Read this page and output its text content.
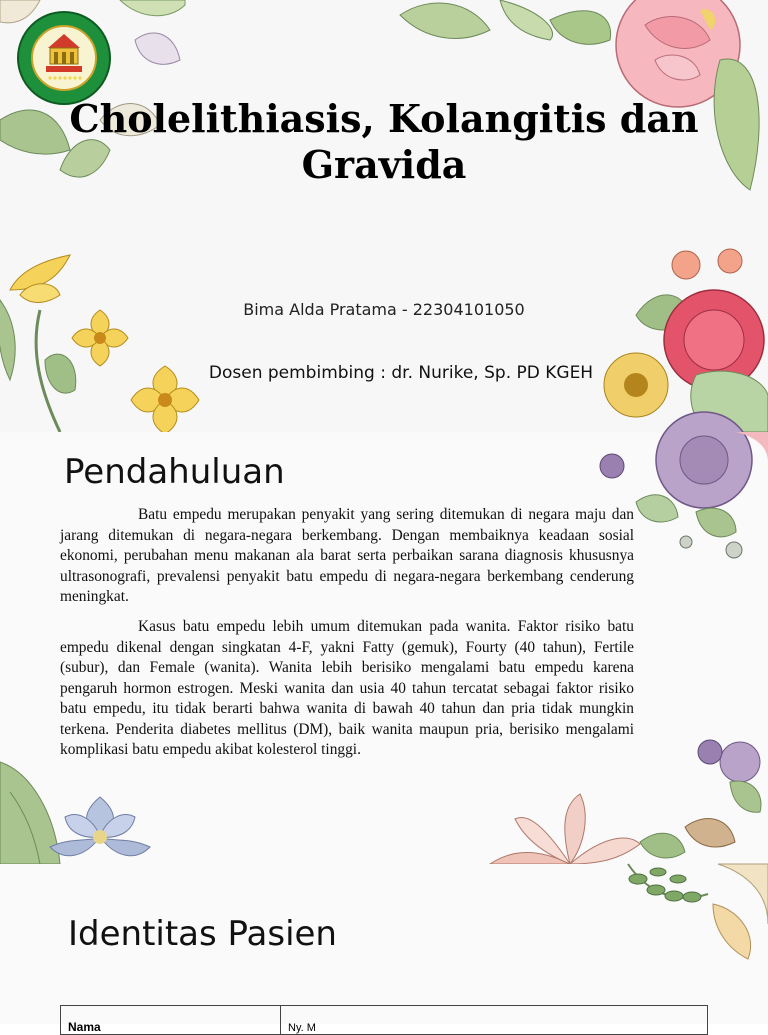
Cholelithiasis, Kolangitis dan Gravida
Bima Alda Pratama - 22304101050
Dosen pembimbing : dr. Nurike, Sp. PD KGEH
Pendahuluan

Batu empedu merupakan penyakit yang sering ditemukan di negara maju dan jarang ditemukan di negara-negara berkembang. Dengan membaiknya keadaan sosial ekonomi, perubahan menu makanan ala barat serta perbaikan sarana diagnosis khususnya ultrasonografi, prevalensi penyakit batu empedu di negara-negara berkembang cenderung meningkat.

Kasus batu empedu lebih umum ditemukan pada wanita. Faktor risiko batu empedu dikenal dengan singkatan 4-F, yakni Fatty (gemuk), Fourty (40 tahun), Fertile (subur), dan Female (wanita). Wanita lebih berisiko mengalami batu empedu karena pengaruh hormon estrogen. Meski wanita dan usia 40 tahun tercatat sebagai faktor risiko batu empedu, itu tidak berarti bahwa wanita di bawah 40 tahun dan pria tidak mungkin terkena. Penderita diabetes mellitus (DM), baik wanita maupun pria, berisiko mengalami komplikasi batu empedu akibat kolesterol tinggi.

Identitas Pasien
Nama	Ny. M
